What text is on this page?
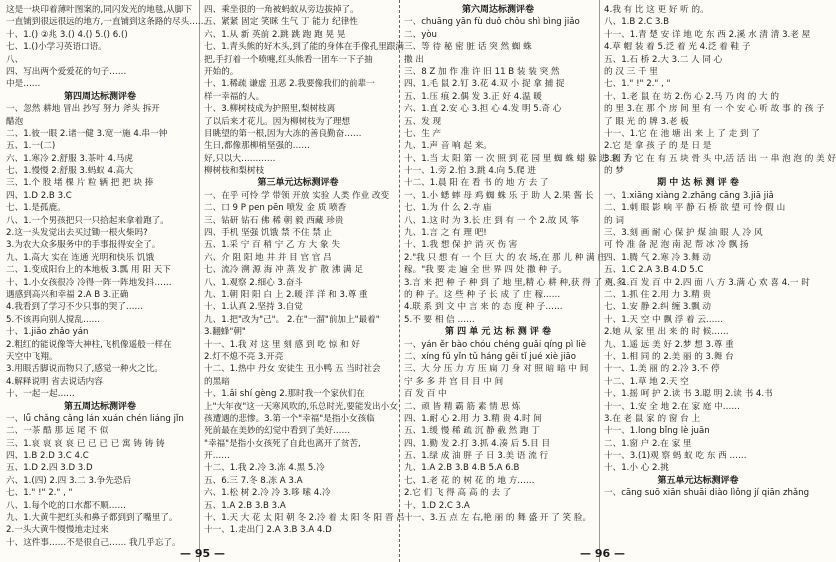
这是一块印着薄叶图案的,同闪发光的地毯,从脚下
一直铺到很远很远的地方,一直铺到这条路的尽头……
十、1.() ②兆 3.() 4.() 5.() 6.()
七、1.()小学习英语口语。
八、
四、写出两个爱爱花的句子……
中是……
第四周达标测评卷
一、忽然 耕地 冒出 抄写 努力 斧头 拆开
醋泡
二、1.彼一眼 2.诸一健 3.宽一施 4.串一钟
五、1.一(二)
六、1.寒冷 2.舒服 3.茶叶 4.马虎
七、1.慢慢 2.舒服 3.蚂蚁 4.高大
三、1.个 股 堵 棵 片 粒 辆 把 把 块 捧
四、1.D 2.B 3.C
七、1.是孤鹿。
八、1.一个男孩把只一只拾起来拿着跑了。
2.这一头发觉出去买过锄一根火柴吗?
3.为农大众多服务中的手事报得安全了。
九、1.高大 实在 连通 光明和快乐 饥饿
二、1.变成阳台上的本地板 3.瓢 用 阳 天下
十、1.小女孩很冷 冷得一阵一阵地发抖……
遇感到高兴和幸福 2.A B 3.正确
4.我看到了学习不少只事的哭了……
5.不该再向别人搅乱……
十、1.jiǎo zhǎo yán
2.粗红的能说像等大神柱,飞机像遥般一样在
天空中飞翔。
3.用眼舌脚说而物只了,感觉一种火之比。
4.解释说明 省去说话内容
十、一起一起……
第五周达标测评卷
一、lǚ chǎng cǎng lán xuán chén liáng jǐn
二、一茶 酷 那 远 尾 不 似
三、1.哀 哀 哀 哀 已 已 已 已 寓 铸 铸 铸
四、1.B 2.D 3.C 4.C
五、1.D 2.四 3.D 3.D
六、1.(四) 2.四 3.二 3.争先恐后
七、1." !" 2." , "
八、1.每个吃的口水都不顺……
九、1.大黄牛把红头和鼻子都到到了嘴里了。
2.一头大黄牛慢慢地走过来
十、这件事……不是很自己…… 我几乎忘了。
四、乘坐很的一角被蚂蚁从旁边拔掉了。
五、紧紧 固定 笑眯 生气 丁 能力 纪律性
六、1.从 新 英前 2.跳 跳 跑 跑 晃 晃
七、1.青头熊的好木头,到了能的身体在手像孔里跟满
把,手打着一个喷嚏,红头熊看一团车一下子抽
开始的。
十、1.稀疏 谦虚 丑恶 2.我要像我们的前辈一
样一幸福的人。
十、3.柳树枝成为护照里,梨树枝离
了以后来才花儿。因为柳树枝为了理想
目眺望的第一根,因为大冻的善良勤奋……
生日,都像那柳梢坚强的……
好,只以大…………
柳树枝和梨树枝
第三单元达标测评卷
一、在乎 可怜 学 带领 开放 实验 人类 作业 改变
二、口 9 P pen pēn 喷发 金 质 喷香
三、钻研 钻石 佛 稀 朝 毅 西藏 珍贵
四、手机 坚强 饥饿 禁 不住 禁 止
五、1.采 宁 百 稍 宁 乙 方 大 象 失
六、介 阻 阳 地 井 并 目 官 官 吕
七、流冷 溯 源 海 冲 蒸 发 扩 散 沸 满 足
八、1.观察 2.细心 3.奋斗
九、1.朝 阳 阳 白 上 2.暖 洋 洋 和 3.尊 重
十、1.认真 2.坚持 3.自觉
九、1.把"改为"己"。 2.在"一溜"前加上"最着"
3.翻蜂"朝"
十一、1.我 对 这 里 刻 感 到 吃 惊 和 好
2.灯不熄不亮 3.开亮
十二、1.热中 丹女 安徒生 丑小鸭 五 当时社会
的黑暗
十、1.ǎi shí gèng 2.那时我一个家伙们在
上"大年夜"这一天寒风吹的,乐总时光,要能发出小女
孩遭遇的悲惨。3.第一个"幸福"是指小女孩临
死前最在美妙的幻觉中看到了美好……
"幸福"是指小女孩死了自此也离开了贫苦,
开……
十二、1.我 2.冷 3.冻 4.黑 5.冷
五、6.三 7.冬 8.冻 A 3.A
六、1.松 树 2.冷 冷 3.哆 嗦 4.冷
五、1.A 2.B 3.B 3.A
十、1.天 大 花 太 阳 朝 冬 2.冷 着 太 阳 冬 阳 晋 吕
十一、1.走出门 2.A 3.B 3.A 4.D
第六周达标测评卷
一、chuāng yān fù duǒ chǒu shì bìng jiǎo
二、yòu
三、等 待 秘 密 脏 话 突 然 蜘 蛛
撒 出
三、8 Z 加 作 准 许 旧 11 B 装 装 突 然
四、1.毛 鼠 2.钉 3.花 4.双 小 捉 拿 捕 捉
五、1.压 痕 2.偶 发 3.正 好 4.温 暖
六、1.直 2.安 心 3.担 心 4.发 明 5.奇 心
五、发 现
七、生 产
九、1.声 音 响 起 来。
十、1.当 太 阳 第 一 次 照 到 花 园 里 蜘 蛛 蜡 躲 进 来 了
十一、1.旁 2.怕 3.跳 4.向 5.爬 进
十二、1.晨 阳 在 看 书 的 地 方 去 了
一、1.小 蟋 蟀 母 鸡 蜘 蛛 乐 于 助 人 2.果 酱 长
七、1.为 什 么 2.寺 庙
八、1.这 时 为 3.长 庄 到 有 一 个 2.故 风 筝
九、1.言 之 有 理 吧!
十、1.我 想 保 护 消 灭 伤 害
2."我 只 想 有 一 个 巨 大 的 农 场,在 那 儿 种 满 庄
稼。"我 要 走 遍 全 世 界 四 处 撒 种 子。
3.言 来 把 种 子 种 到 了 地 里,精 心 耕 种,获 得 了 更 多
的 种 子。这 些 种 子 长 成 了 庄 稼……
4.联 系 到 文 中 言 来 的 态 度 种 子……
5.不 要 相 信 ……
第 四 单 元 达 标 测 评 卷
一、yán ěr bào chóu chéng guǎi qíng pì liè
二、xíng fǔ yǐn tǔ háng gěi tǐ jué xiè jiāo
三、大 分 压 力 方 压 扁 刀 身 对 照 暗 暗 中 间
宁 多 多 并 宫 目 目 中 间
百 发 百 中
二、顽 皆 精 霸 筋 素 情 思 炼
四、1.耐 心 2.用 力 3.精 贵 4.时 间
五、1.缓 慢 稀 疏 沉 静 截 然 跑 丁
四、1.勤 发 2.打 3.抓 4.凑 后 5.目 目
五、1.绿 成 油 胖 子 日 3.美 语 流 行
九、1.A 2.B 3.B 4.B 5.A 6.B
七、1.老 花 的 树 花 的 地 方……
2.它 们 飞 得 高 高 的 去 了
十、1.D 2.C 3.A
十一、3.五 点 左 右,艳 丽 的 舞 盛 开 了 笑 脸。
4.我 有 比 这 更 好 听 的。
八、1.B 2.C 3.B
十一、1.青 楚 安 详 地 吃 东 西 2.溪 水 清 清 3.老 屋
4.草 帽 装 着 5.泛 着 光 4.泛 着 鞋 子
五、1.石 桥 2.大 3.二 人 同 心
的 汉 三 千 里
七、1." !" 2." , "
十、1.老 鼠 在 坊 2.伤 心 2.马 乃 肉 的 大 的
的 里 3.在 那 个 房 间 里 有 一 个 安 心 听 故 事 的 孩 子
了 眼 光 的 牌 3.老 板
十一、1.它 在 池 塘 出 来 上 了 走 到 了
2.它 是 拿 孩 子 的 是 日 是
3.因 为 它 在 有 五 块 骨 头 中,活 活 出 一 串 泡 泡 的 美 好
的 梦
期 中 达 标 测 评 卷
一、1.xiāng xiàng 2.zhāng cāng 3.jiā jiǎ
二、1.刺 眼 影 响 平 静 石 桥 欲 望 可 怜 假 山
的 词
三、3.刻 画 耐 心 保 护 煤 油 眼 人 冷 风
可 怜 准 备 泥 泡 南 泥 帮 冰 冷 飘 扬
四、1.腾 气 2.寒 冷 3.舞 动
五、1.C 2.A 3.B 4.D 5.C
六、1.百 发 百 中 2.四 面 八 方 3.满 心 欢 喜 4.一 时
二、1.抓 住 2.用 力 3.精 贵
七、1.安 静 2.纠 缠 3.飘 动
十、1.天 空 中 飘 浮 着 云……
2.她 从 家 里 出 来 的 时 候……
九、1.遥 远 美 好 2.梦 想 3.尊 重
十、1.相 同 的 2.美 丽 的 3.舞 台
十一、1.美 丽 的 2.冷 3.不 停
十二、1.草 地 2.天 空
十、1.摇 呵 护 2.读 书 3.聪 明 2.读 书 4.书
十一、1.安 全 地 2.在 家 庭 中……
3.在 老 鼠 家 的 窗 台 上
十一、1.long bǐng lè juān
二、1.窗 户 2.在 家 里
十一、3.(1)观 察 蚂 蚁 吃 东 西 ……
十、1.小 心 2.挑
第五单元达标测评卷
一、cāng suō xiān shuāi diào lìǒng jí qiān zhǎng
— 95 —	— 96 —
